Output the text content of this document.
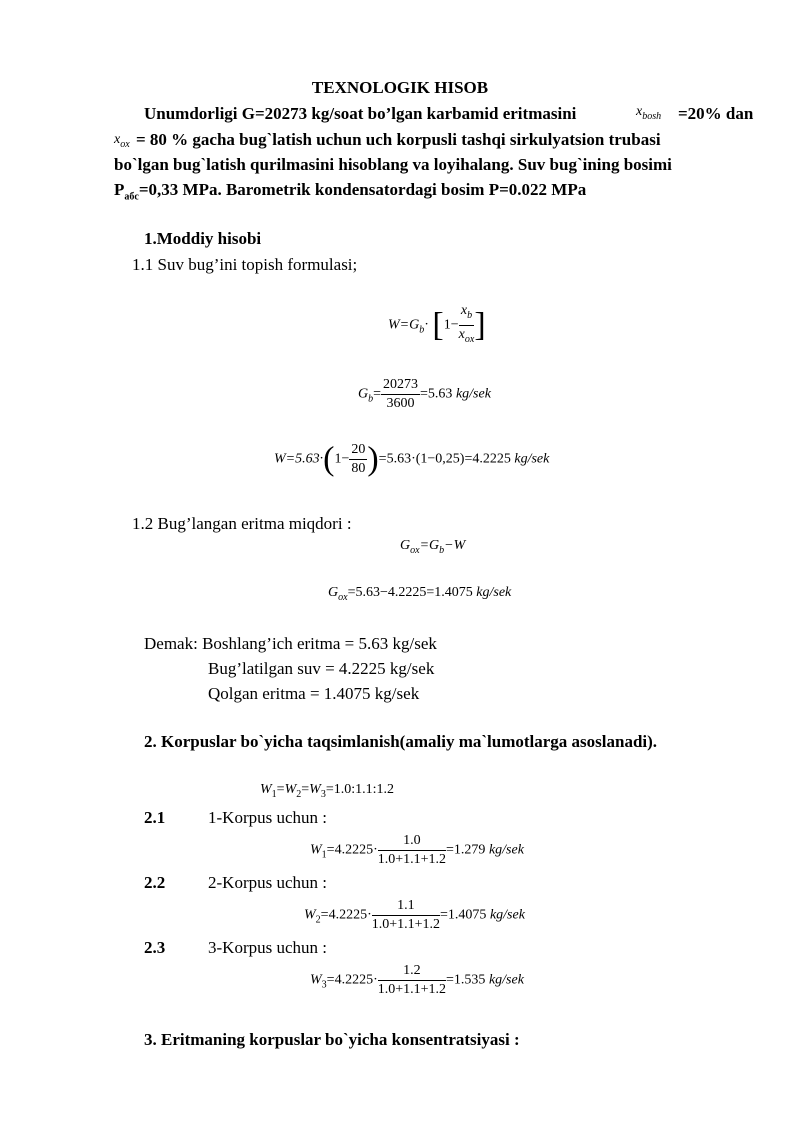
TEXNOLOGIK HISOB
Unumdorligi G=20273 kg/soat bo’lgan karbamid eritmasini	$x_{bosh} =20\%$ dan
$x_{ox} = 80$ % gacha bug`latish uchun uch korpusli tashqi sirkulyatsion trubasi
bo`lgan bug`latish qurilmasini hisoblang va loyihalang. Suv bug`ining bosimi
$P_{абс}=0,33$ MPa. Barometrik kondensatordagi bosim P=0.022 MPa
1.Moddiy hisobi
1.1 Suv bug’ini topish formulasi;
$W=G_b\cdot [1- \frac{x_b}{x_{ox}}$ ]
$G_b= \frac{20273}{3600} =5.63$ kg/sek
$W=5.63\cdot(1- \frac{20}{80} )=5.63\cdot(1-0,25)=4.2225$ kg/sek
1.2 Bug’langan eritma miqdori :
$G_{ox}=G_b-W$
$G_{ox}=5.63-4.2225=1.4075$ kg/sek
Demak: Boshlang’ich eritma = 5.63 kg/sek
Bug’latilgan suv = 4.2225 kg/sek
Qolgan eritma = 1.4075 kg/sek
2. Korpuslar bo`yicha taqsimlanish(amaliy ma`lumotlarga asoslanadi).
$W_1=W_2=W_3=1.0:1.1:1.2$
2.1	1-Korpus uchun :
$W_1=4.2225\cdot \frac{1.0}{1.0+1.1+1.2} =1.279$ kg/sek
2.2	2-Korpus uchun :
$W_2=4.2225\cdot \frac{1.1}{1.0+1.1+1.2} =1.4075$ kg/sek
2.3	3-Korpus uchun :
$W_3=4.2225\cdot \frac{1.2}{1.0+1.1+1.2} =1.535$ kg/sek
3. Eritmaning korpuslar bo`yicha konsentratsiyasi :
